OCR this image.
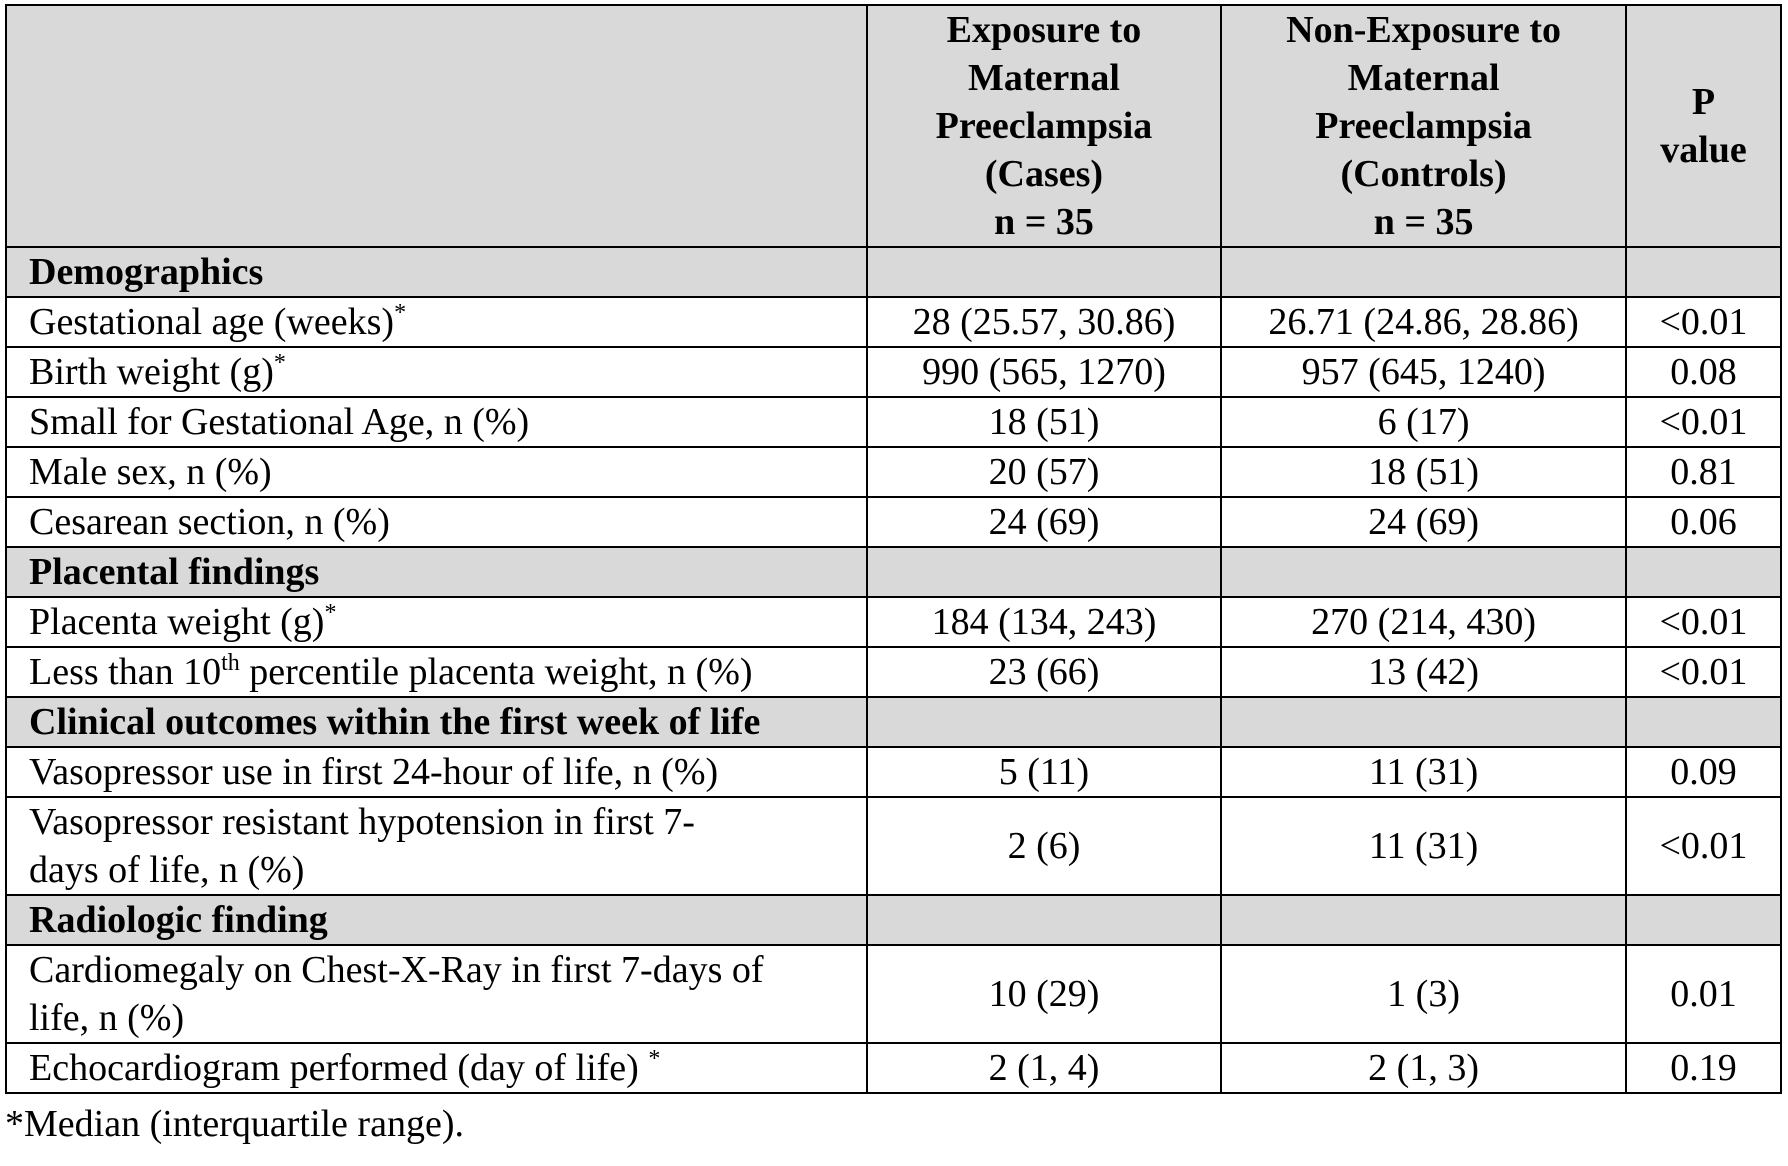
	Exposure to
Maternal
Preeclampsia
(Cases)
n = 35	Non-Exposure to
Maternal
Preeclampsia
(Controls)
n = 35	P
value
Demographics			
Gestational age (weeks)*	28 (25.57, 30.86)	26.71 (24.86, 28.86)	<0.01
Birth weight (g)*	990 (565, 1270)	957 (645, 1240)	0.08
Small for Gestational Age, n (%)	18 (51)	6 (17)	<0.01
Male sex, n (%)	20 (57)	18 (51)	0.81
Cesarean section, n (%)	24 (69)	24 (69)	0.06
Placental findings			
Placenta weight (g)*	184 (134, 243)	270 (214, 430)	<0.01
Less than 10th percentile placenta weight, n (%)	23 (66)	13 (42)	<0.01
Clinical outcomes within the first week of life			
Vasopressor use in first 24-hour of life, n (%)	5 (11)	11 (31)	0.09
Vasopressor resistant hypotension in first 7-
days of life, n (%)	2 (6)	11 (31)	<0.01
Radiologic finding			
Cardiomegaly on Chest-X-Ray in first 7-days of
life, n (%)	10 (29)	1 (3)	0.01
Echocardiogram performed (day of life) *	2 (1, 4)	2 (1, 3)	0.19
*Median (interquartile range).
